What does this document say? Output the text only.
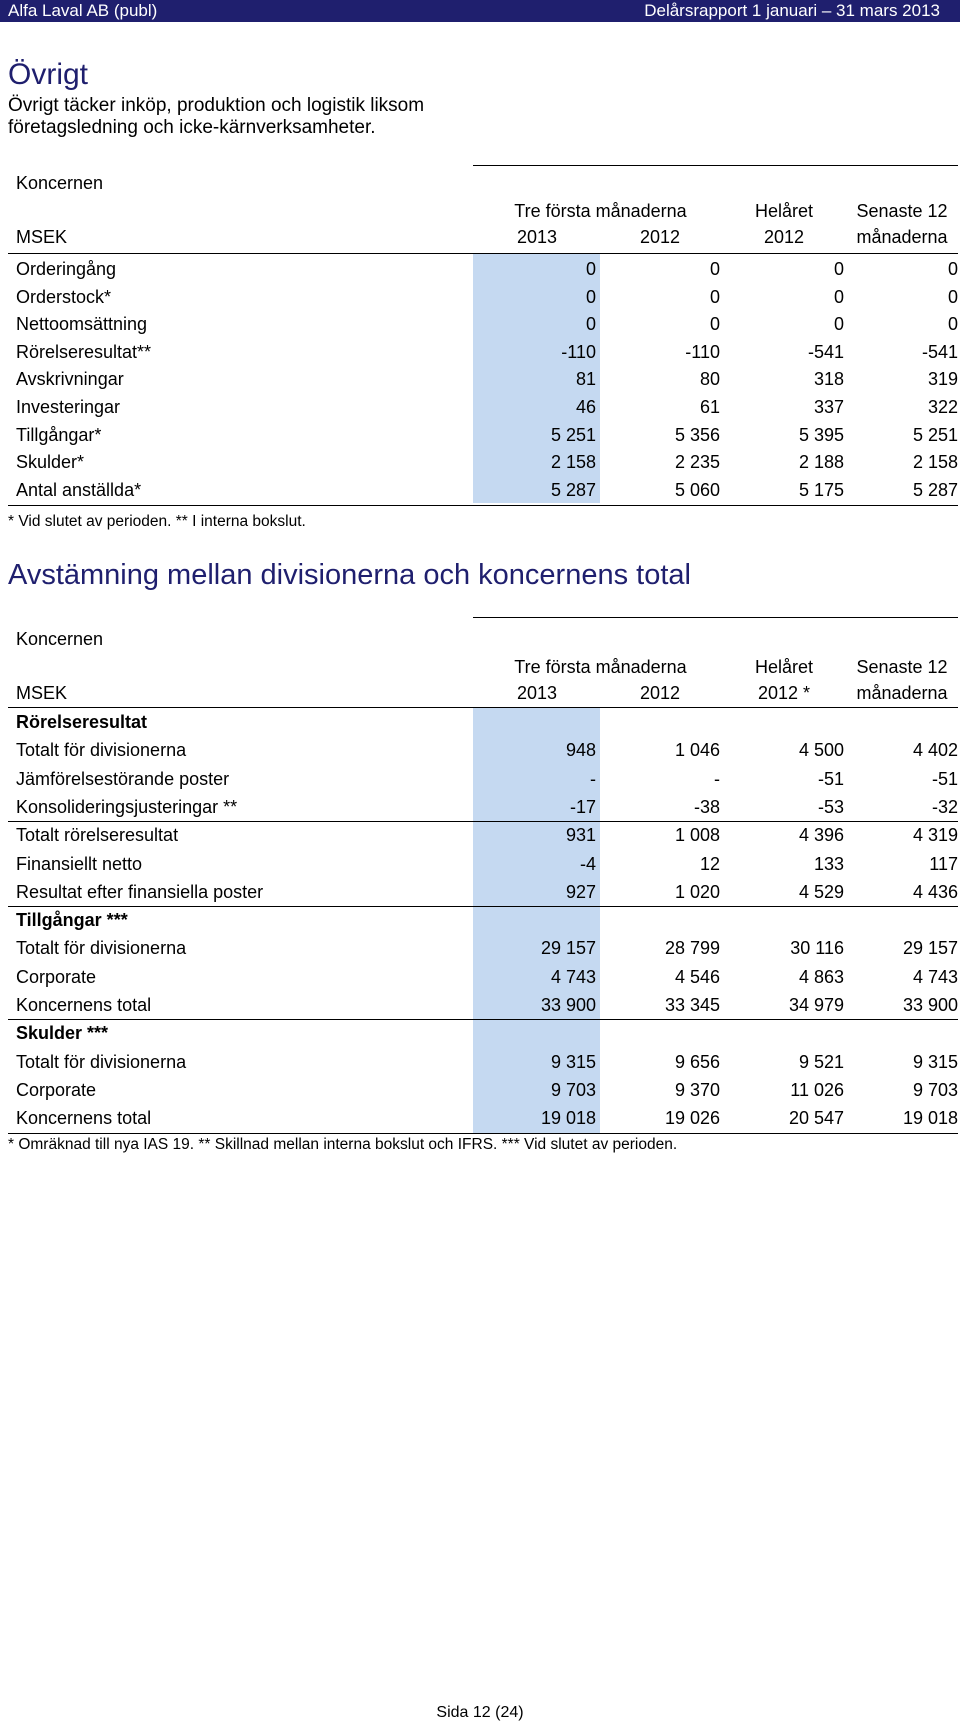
Alfa Laval AB (publ)	Delårsrapport 1 januari – 31 mars 2013
Övrigt
Övrigt täcker inköp, produktion och logistik liksom
företagsledning och icke-kärnverksamheter.
Koncernen
Tre första månaderna	Helåret	Senaste 12
MSEK	2013	2012	2012	månaderna
Orderingång	0	0	0	0
Orderstock*	0	0	0	0
Nettoomsättning	0	0	0	0
Rörelseresultat**	-110	-110	-541	-541
Avskrivningar	81	80	318	319
Investeringar	46	61	337	322
Tillgångar*	5 251	5 356	5 395	5 251
Skulder*	2 158	2 235	2 188	2 158
Antal anställda*	5 287	5 060	5 175	5 287
* Vid slutet av perioden. ** I interna bokslut.
Avstämning mellan divisionerna och koncernens total
Koncernen
Tre första månaderna	Helåret	Senaste 12
MSEK	2013	2012	2012 *	månaderna
Rörelseresultat
Totalt för divisionerna	948	1 046	4 500	4 402
Jämförelsestörande poster	-	-	-51	-51
Konsolideringsjusteringar **	-17	-38	-53	-32
Totalt rörelseresultat	931	1 008	4 396	4 319
Finansiellt netto	-4	12	133	117
Resultat efter finansiella poster	927	1 020	4 529	4 436
Tillgångar ***
Totalt för divisionerna	29 157	28 799	30 116	29 157
Corporate	4 743	4 546	4 863	4 743
Koncernens total	33 900	33 345	34 979	33 900
Skulder ***
Totalt för divisionerna	9 315	9 656	9 521	9 315
Corporate	9 703	9 370	11 026	9 703
Koncernens total	19 018	19 026	20 547	19 018
* Omräknad till nya IAS 19. ** Skillnad mellan interna bokslut och IFRS. *** Vid slutet av perioden.
Sida 12 (24)
